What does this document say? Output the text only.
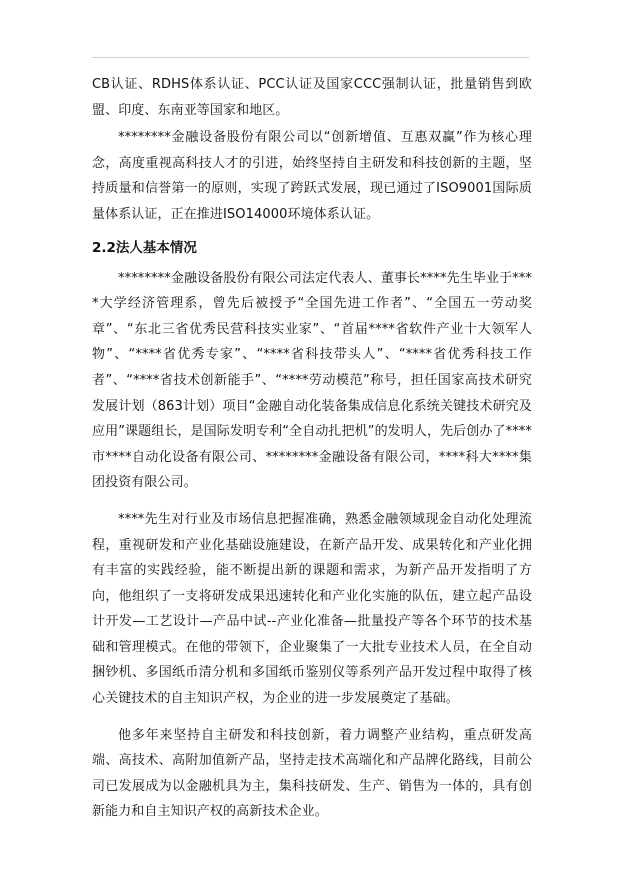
CB认证、RDHS体系认证、PCC认证及国家CCC强制认证，批量销售到欧盟、印度、东南亚等国家和地区。

********金融设备股份有限公司以“创新增值、互惠双赢”作为核心理念，高度重视高科技人才的引进，始终坚持自主研发和科技创新的主题，坚持质量和信誉第一的原则，实现了跨跃式发展，现已通过了ISO9001国际质量体系认证，正在推进ISO14000环境体系认证。

2.2法人基本情况

********金融设备股份有限公司法定代表人、董事长****先生毕业于****大学经济管理系，曾先后被授予“全国先进工作者”、“全国五一劳动奖章”、“东北三省优秀民营科技实业家”、“首届****省软件产业十大领军人物”、“****省优秀专家”、“****省科技带头人”、“****省优秀科技工作者”、“****省技术创新能手”、“****劳动模范”称号，担任国家高技术研究发展计划（863计划）项目“金融自动化装备集成信息化系统关键技术研究及应用”课题组长，是国际发明专利“全自动扎把机”的发明人，先后创办了****市****自动化设备有限公司、********金融设备有限公司，****科大****集团投资有限公司。

****先生对行业及市场信息把握准确，熟悉金融领域现金自动化处理流程，重视研发和产业化基础设施建设，在新产品开发、成果转化和产业化拥有丰富的实践经验，能不断提出新的课题和需求，为新产品开发指明了方向，他组织了一支将研发成果迅速转化和产业化实施的队伍，建立起产品设计开发—工艺设计—产品中试--产业化准备—批量投产等各个环节的技术基础和管理模式。在他的带领下，企业聚集了一大批专业技术人员，在全自动捆钞机、多国纸币清分机和多国纸币鉴别仪等系列产品开发过程中取得了核心关键技术的自主知识产权，为企业的进一步发展奠定了基础。

他多年来坚持自主研发和科技创新，着力调整产业结构，重点研发高端、高技术、高附加值新产品，坚持走技术高端化和产品牌化路线，目前公司已发展成为以金融机具为主，集科技研发、生产、销售为一体的，具有创新能力和自主知识产权的高新技术企业。
